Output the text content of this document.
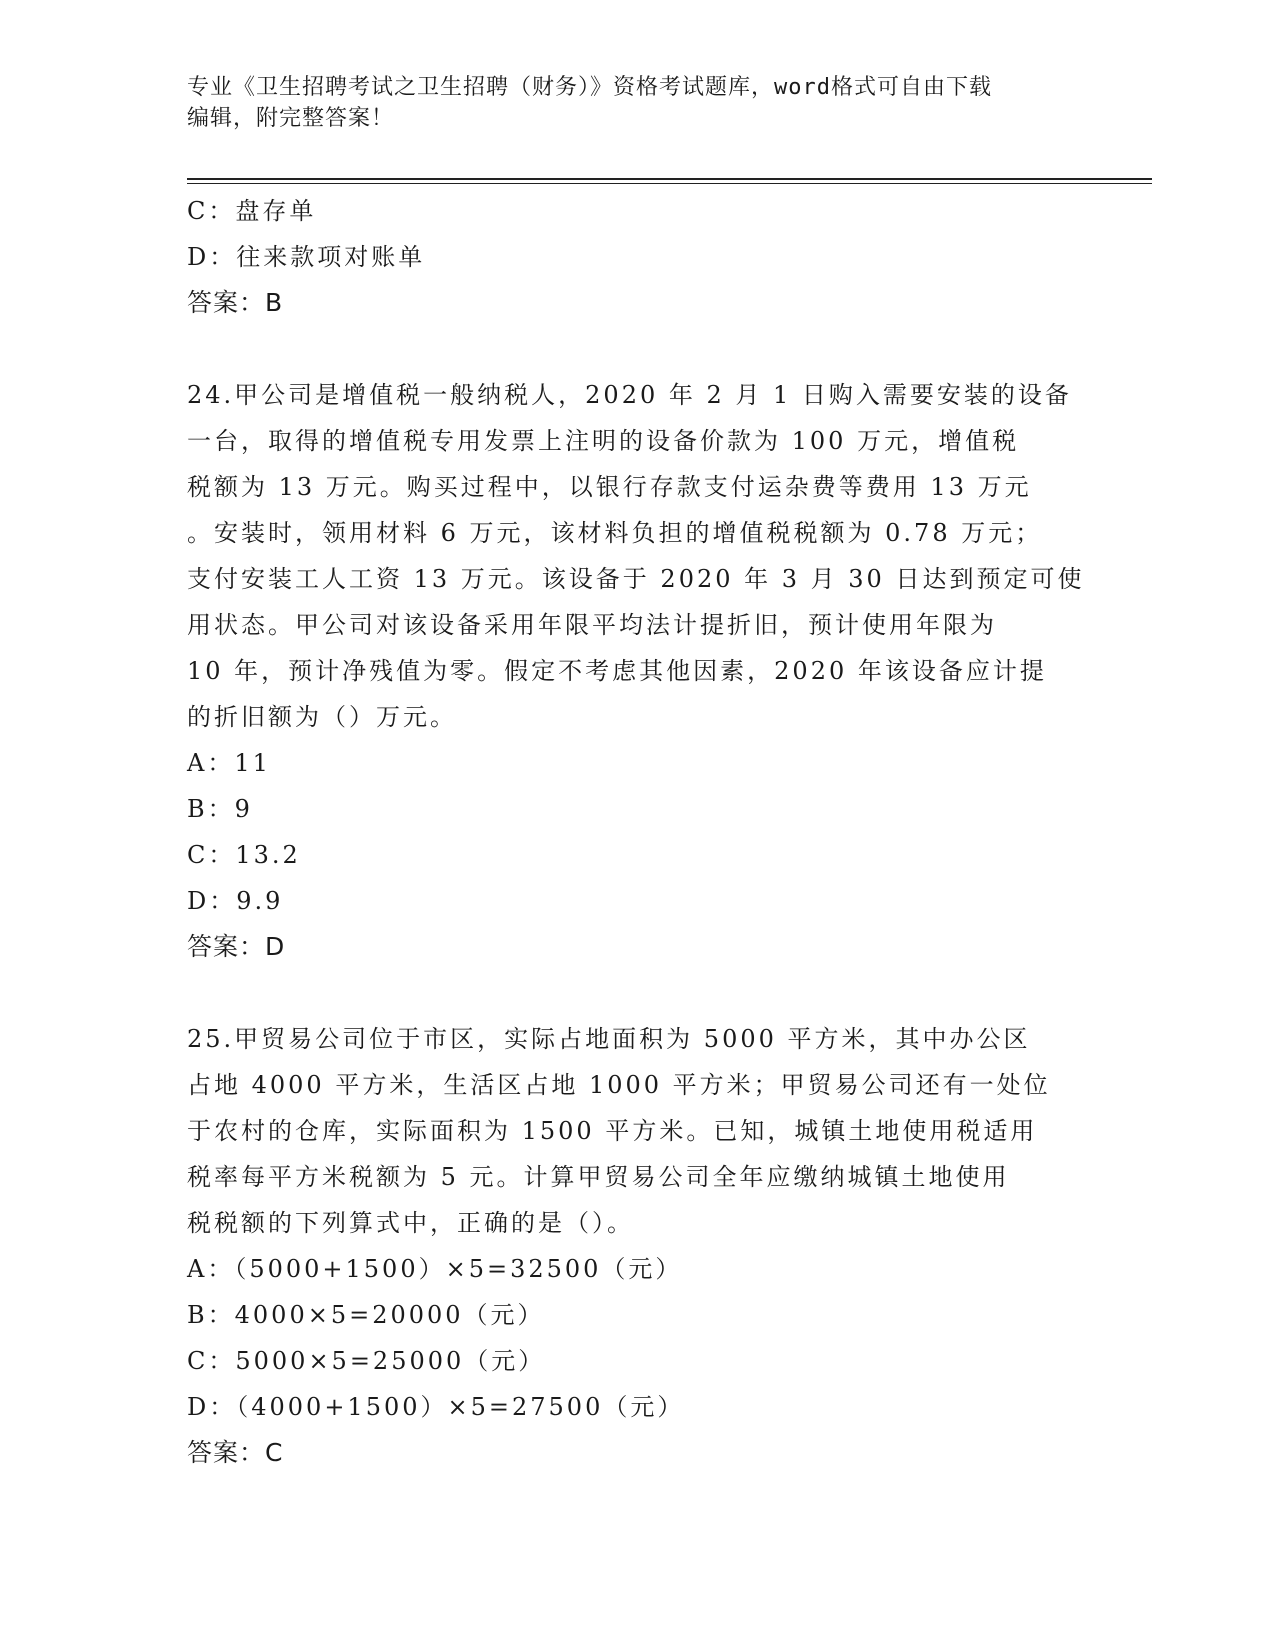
专业《卫生招聘考试之卫生招聘（财务）》资格考试题库，word格式可自由下载
编辑，附完整答案！
C：盘存单
D：往来款项对账单
答案：B
24.甲公司是增值税一般纳税人，2020 年 2 月 1 日购入需要安装的设备
一台，取得的增值税专用发票上注明的设备价款为 100 万元，增值税
税额为 13 万元。购买过程中，以银行存款支付运杂费等费用 13 万元
。安装时，领用材料 6 万元，该材料负担的增值税税额为 0.78 万元；
支付安装工人工资 13 万元。该设备于 2020 年 3 月 30 日达到预定可使
用状态。甲公司对该设备采用年限平均法计提折旧，预计使用年限为
10 年，预计净残值为零。假定不考虑其他因素，2020 年该设备应计提
的折旧额为（）万元。
A：11
B：9
C：13.2
D：9.9
答案：D
25.甲贸易公司位于市区，实际占地面积为 5000 平方米，其中办公区
占地 4000 平方米，生活区占地 1000 平方米；甲贸易公司还有一处位
于农村的仓库，实际面积为 1500 平方米。已知，城镇土地使用税适用
税率每平方米税额为 5 元。计算甲贸易公司全年应缴纳城镇土地使用
税税额的下列算式中，正确的是（）。
A：（5000+1500）×5=32500（元）
B：4000×5=20000（元）
C：5000×5=25000（元）
D：（4000+1500）×5=27500（元）
答案：C
